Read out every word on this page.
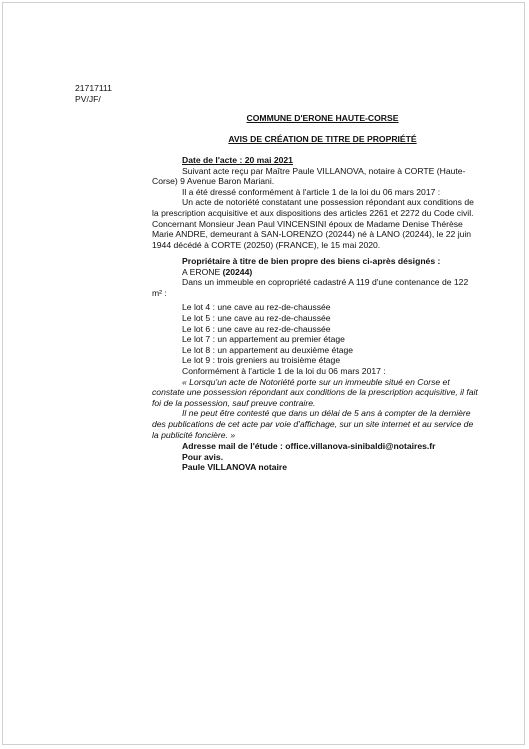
21717111
PV/JF/
COMMUNE D'ERONE HAUTE-CORSE
AVIS DE CRÉATION DE TITRE DE PROPRIÉTÉ
Date de l'acte : 20 mai 2021
Suivant acte reçu par Maître Paule VILLANOVA, notaire à CORTE (Haute-
Corse) 9 Avenue Baron Mariani.
Il a été dressé conformément à l'article 1 de la loi du 06 mars 2017 :
Un acte de notoriété constatant une possession répondant aux conditions de
la prescription acquisitive et aux dispositions des articles 2261 et 2272 du Code civil.
Concernant Monsieur Jean Paul VINCENSINI époux de Madame Denise Thérèse
Marie ANDRE, demeurant à SAN-LORENZO (20244) né à LANO (20244), le 22 juin
1944 décédé à CORTE (20250) (FRANCE), le 15 mai 2020.
Propriétaire à titre de bien propre des biens ci-après désignés :
A ERONE (20244)
Dans un immeuble en copropriété cadastré A 119 d'une contenance de 122
m² :
Le lot 4 : une cave au rez-de-chaussée
Le lot 5 : une cave au rez-de-chaussée
Le lot 6 : une cave au rez-de-chaussée
Le lot 7 : un appartement au premier étage
Le lot 8 : un appartement au deuxième étage
Le lot 9 : trois greniers au troisième étage
Conformément à l'article 1 de la loi du 06 mars 2017 :
« Lorsqu'un acte de Notoriété porte sur un immeuble situé en Corse et
constate une possession répondant aux conditions de la prescription acquisitive, il fait
foi de la possession, sauf preuve contraire.
Il ne peut être contesté que dans un délai de 5 ans à compter de la dernière
des publications de cet acte par voie d'affichage, sur un site internet et au service de
la publicité foncière. »
Adresse mail de l'étude : office.villanova-sinibaldi@notaires.fr
Pour avis.
Paule VILLANOVA notaire
